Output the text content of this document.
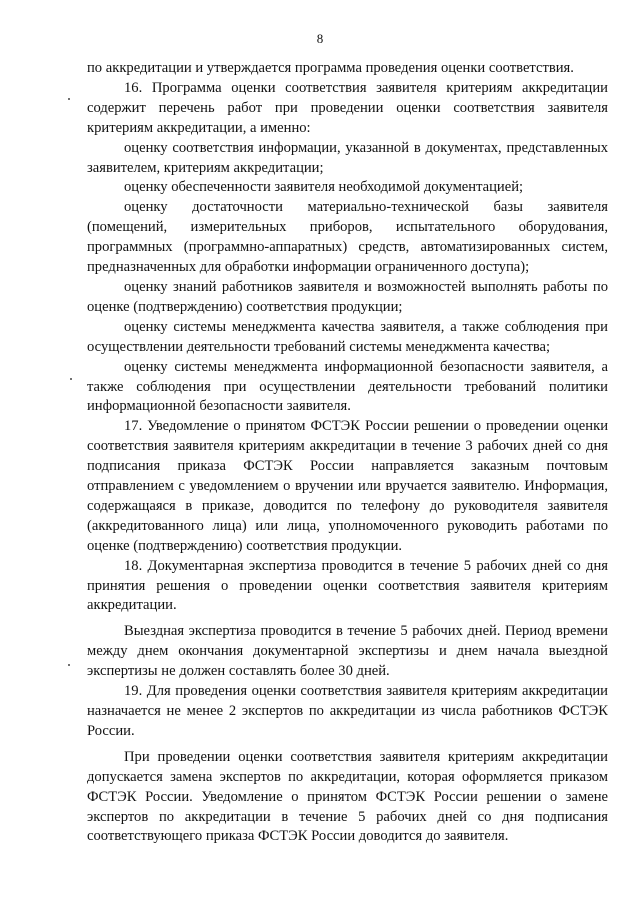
8

по аккредитации и утверждается программа проведения оценки соответствия.

16. Программа оценки соответствия заявителя критериям аккредитации содержит перечень работ при проведении оценки соответствия заявителя критериям аккредитации, а именно:

оценку соответствия информации, указанной в документах, представленных заявителем, критериям аккредитации;

оценку обеспеченности заявителя необходимой документацией;

оценку достаточности материально-технической базы заявителя (помещений, измерительных приборов, испытательного оборудования, программных (программно-аппаратных) средств, автоматизированных систем, предназначенных для обработки информации ограниченного доступа);

оценку знаний работников заявителя и возможностей выполнять работы по оценке (подтверждению) соответствия продукции;

оценку системы менеджмента качества заявителя, а также соблюдения при осуществлении деятельности требований системы менеджмента качества;

оценку системы менеджмента информационной безопасности заявителя, а также соблюдения при осуществлении деятельности требований политики информационной безопасности заявителя.

17. Уведомление о принятом ФСТЭК России решении о проведении оценки соответствия заявителя критериям аккредитации в течение 3 рабочих дней со дня подписания приказа ФСТЭК России направляется заказным почтовым отправлением с уведомлением о вручении или вручается заявителю. Информация, содержащаяся в приказе, доводится по телефону до руководителя заявителя (аккредитованного лица) или лица, уполномоченного руководить работами по оценке (подтверждению) соответствия продукции.

18. Документарная экспертиза проводится в течение 5 рабочих дней со дня принятия решения о проведении оценки соответствия заявителя критериям аккредитации.

Выездная экспертиза проводится в течение 5 рабочих дней. Период времени между днем окончания документарной экспертизы и днем начала выездной экспертизы не должен составлять более 30 дней.

19. Для проведения оценки соответствия заявителя критериям аккредитации назначается не менее 2 экспертов по аккредитации из числа работников ФСТЭК России.

При проведении оценки соответствия заявителя критериям аккредитации допускается замена экспертов по аккредитации, которая оформляется приказом ФСТЭК России. Уведомление о принятом ФСТЭК России решении о замене экспертов по аккредитации в течение 5 рабочих дней со дня подписания соответствующего приказа ФСТЭК России доводится до заявителя.
